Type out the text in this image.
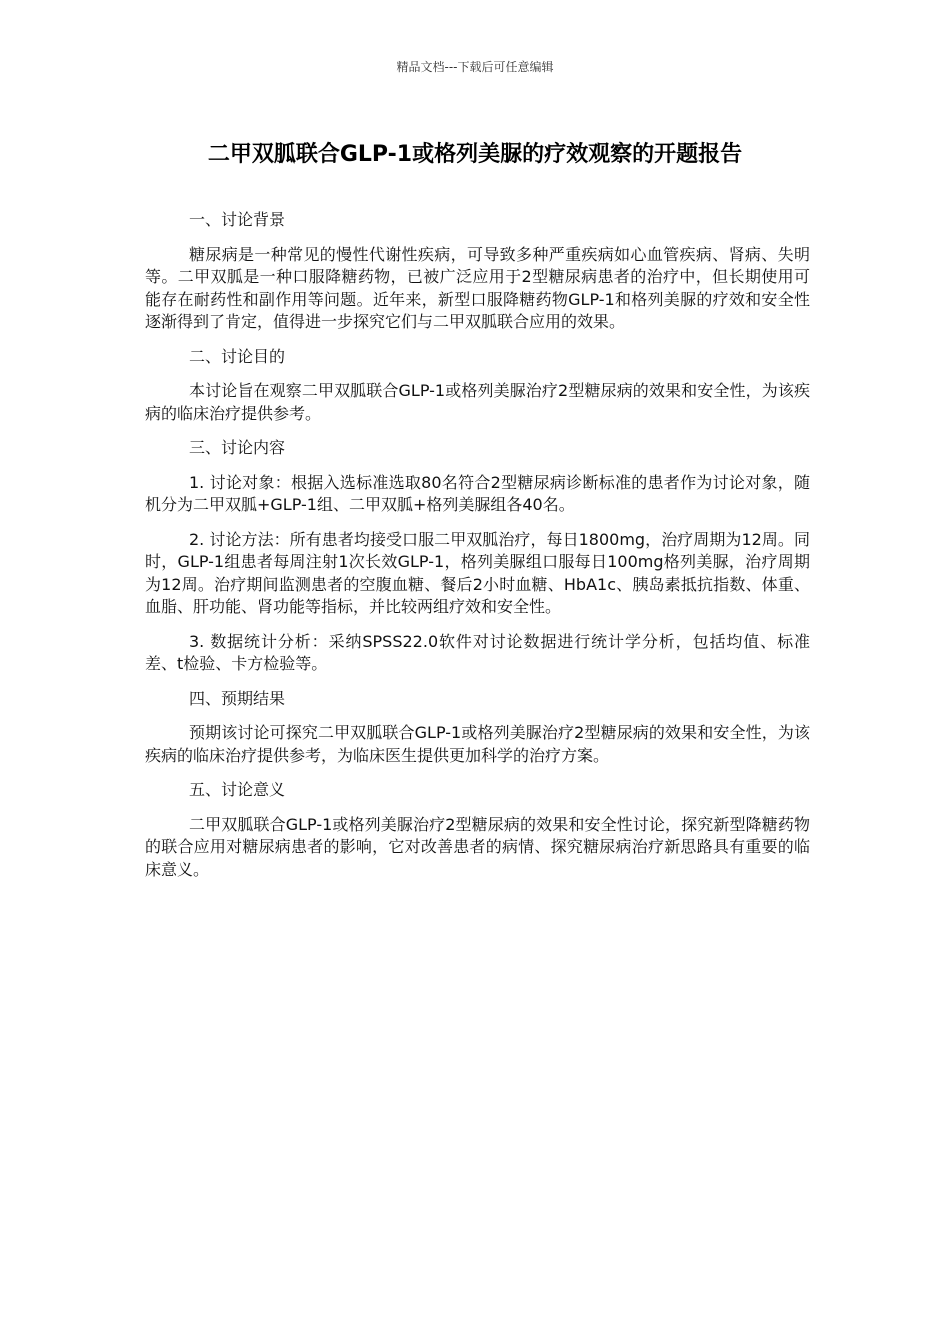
精品文档---下载后可任意编辑
二甲双胍联合GLP-1或格列美脲的疗效观察的开题报告
一、讨论背景

糖尿病是一种常见的慢性代谢性疾病，可导致多种严重疾病如心血管疾病、肾病、失明等。二甲双胍是一种口服降糖药物，已被广泛应用于2型糖尿病患者的治疗中，但长期使用可能存在耐药性和副作用等问题。近年来，新型口服降糖药物GLP-1和格列美脲的疗效和安全性逐渐得到了肯定，值得进一步探究它们与二甲双胍联合应用的效果。

二、讨论目的

本讨论旨在观察二甲双胍联合GLP-1或格列美脲治疗2型糖尿病的效果和安全性，为该疾病的临床治疗提供参考。

三、讨论内容

1. 讨论对象：根据入选标准选取80名符合2型糖尿病诊断标准的患者作为讨论对象，随机分为二甲双胍+GLP-1组、二甲双胍+格列美脲组各40名。

2. 讨论方法：所有患者均接受口服二甲双胍治疗，每日1800mg，治疗周期为12周。同时，GLP-1组患者每周注射1次长效GLP-1，格列美脲组口服每日100mg格列美脲，治疗周期为12周。治疗期间监测患者的空腹血糖、餐后2小时血糖、HbA1c、胰岛素抵抗指数、体重、血脂、肝功能、肾功能等指标，并比较两组疗效和安全性。

3. 数据统计分析：采纳SPSS22.0软件对讨论数据进行统计学分析，包括均值、标准差、t检验、卡方检验等。

四、预期结果

预期该讨论可探究二甲双胍联合GLP-1或格列美脲治疗2型糖尿病的效果和安全性，为该疾病的临床治疗提供参考，为临床医生提供更加科学的治疗方案。

五、讨论意义

二甲双胍联合GLP-1或格列美脲治疗2型糖尿病的效果和安全性讨论，探究新型降糖药物的联合应用对糖尿病患者的影响，它对改善患者的病情、探究糖尿病治疗新思路具有重要的临床意义。
